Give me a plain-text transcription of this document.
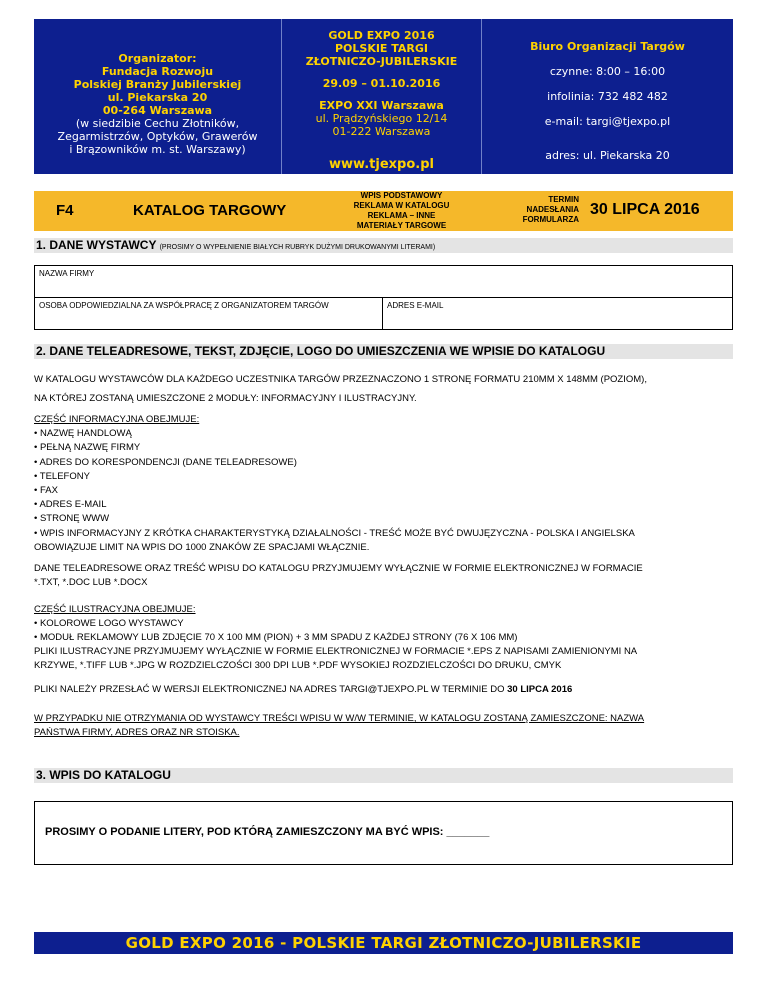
Organizator:
Fundacja Rozwoju
Polskiej Branży Jubilerskiej
ul. Piekarska 20
00-264 Warszawa
(w siedzibie Cechu Złotników,
Zegarmistrzów, Optyków, Grawerów
i Brązowników m. st. Warszawy)
GOLD EXPO 2016
POLSKIE TARGI
ZŁOTNICZO-JUBILERSKIE
29.09 – 01.10.2016
EXPO XXI Warszawa
ul. Prądzyńskiego 12/14
01-222 Warszawa
www.tjexpo.pl
Biuro Organizacji Targów
czynne: 8:00 – 16:00
infolinia: 732 482 482
e-mail: targi@tjexpo.pl
adres: ul. Piekarska 20
00-264 Warszawa
F4	KATALOG TARGOWY
WPIS PODSTAWOWY
REKLAMA W KATALOGU
REKLAMA – INNE
MATERIAŁY TARGOWE
TERMIN
NADESŁANIA
FORMULARZA
30 LIPCA 2016
1. DANE WYSTAWCY (PROSIMY O WYPEŁNIENIE BIAŁYCH RUBRYK DUŻYMI DRUKOWANYMI LITERAMI)
NAZWA FIRMY
OSOBA ODPOWIEDZIALNA ZA WSPÓŁPRACĘ Z ORGANIZATOREM TARGÓW	ADRES E-MAIL
2. DANE TELEADRESOWE, TEKST, ZDJĘCIE, LOGO DO UMIESZCZENIA WE WPISIE DO KATALOGU
W KATALOGU WYSTAWCÓW DLA KAŻDEGO UCZESTNIKA TARGÓW PRZEZNACZONO 1 STRONĘ FORMATU 210MM X 148MM (POZIOM),
NA KTÓREJ ZOSTANĄ UMIESZCZONE 2 MODUŁY: INFORMACYJNY I ILUSTRACYJNY.
CZĘŚĆ INFORMACYJNA OBEJMUJE:
• NAZWĘ HANDLOWĄ
• PEŁNĄ NAZWĘ FIRMY
• ADRES DO KORESPONDENCJI (DANE TELEADRESOWE)
• TELEFONY
• FAX
• ADRES E-MAIL
• STRONĘ WWW
• WPIS INFORMACYJNY Z KRÓTKA CHARAKTERYSTYKĄ DZIAŁALNOŚCI - TREŚĆ MOŻE BYĆ DWUJĘZYCZNA - POLSKA I ANGIELSKA
OBOWIĄZUJE LIMIT NA WPIS DO 1000 ZNAKÓW ZE SPACJAMI WŁĄCZNIE.
DANE TELEADRESOWE ORAZ TREŚĆ WPISU DO KATALOGU PRZYJMUJEMY WYŁĄCZNIE W FORMIE ELEKTRONICZNEJ W FORMACIE
*.TXT, *.DOC LUB *.DOCX
CZĘŚĆ ILUSTRACYJNA OBEJMUJE:
• KOLOROWE LOGO WYSTAWCY
• MODUŁ REKLAMOWY LUB ZDJĘCIE 70 X 100 MM (PION) + 3 MM SPADU Z KAŻDEJ STRONY (76 X 106 MM)
PLIKI ILUSTRACYJNE PRZYJMUJEMY WYŁĄCZNIE W FORMIE ELEKTRONICZNEJ W FORMACIE *.EPS Z NAPISAMI ZAMIENIONYMI NA
KRZYWE, *.TIFF LUB *.JPG W ROZDZIELCZOŚCI 300 DPI LUB *.PDF WYSOKIEJ ROZDZIELCZOŚCI DO DRUKU, CMYK
PLIKI NALEŻY PRZESŁAĆ W WERSJI ELEKTRONICZNEJ NA ADRES TARGI@TJEXPO.PL W TERMINIE DO 30 LIPCA 2016
W PRZYPADKU NIE OTRZYMANIA OD WYSTAWCY TREŚCI WPISU W W/W TERMINIE, W KATALOGU ZOSTANĄ ZAMIESZCZONE: NAZWA
PAŃSTWA FIRMY, ADRES ORAZ NR STOISKA.
3. WPIS DO KATALOGU
PROSIMY O PODANIE LITERY, POD KTÓRĄ ZAMIESZCZONY MA BYĆ WPIS: _______
GOLD EXPO 2016 - POLSKIE TARGI ZŁOTNICZO-JUBILERSKIE
